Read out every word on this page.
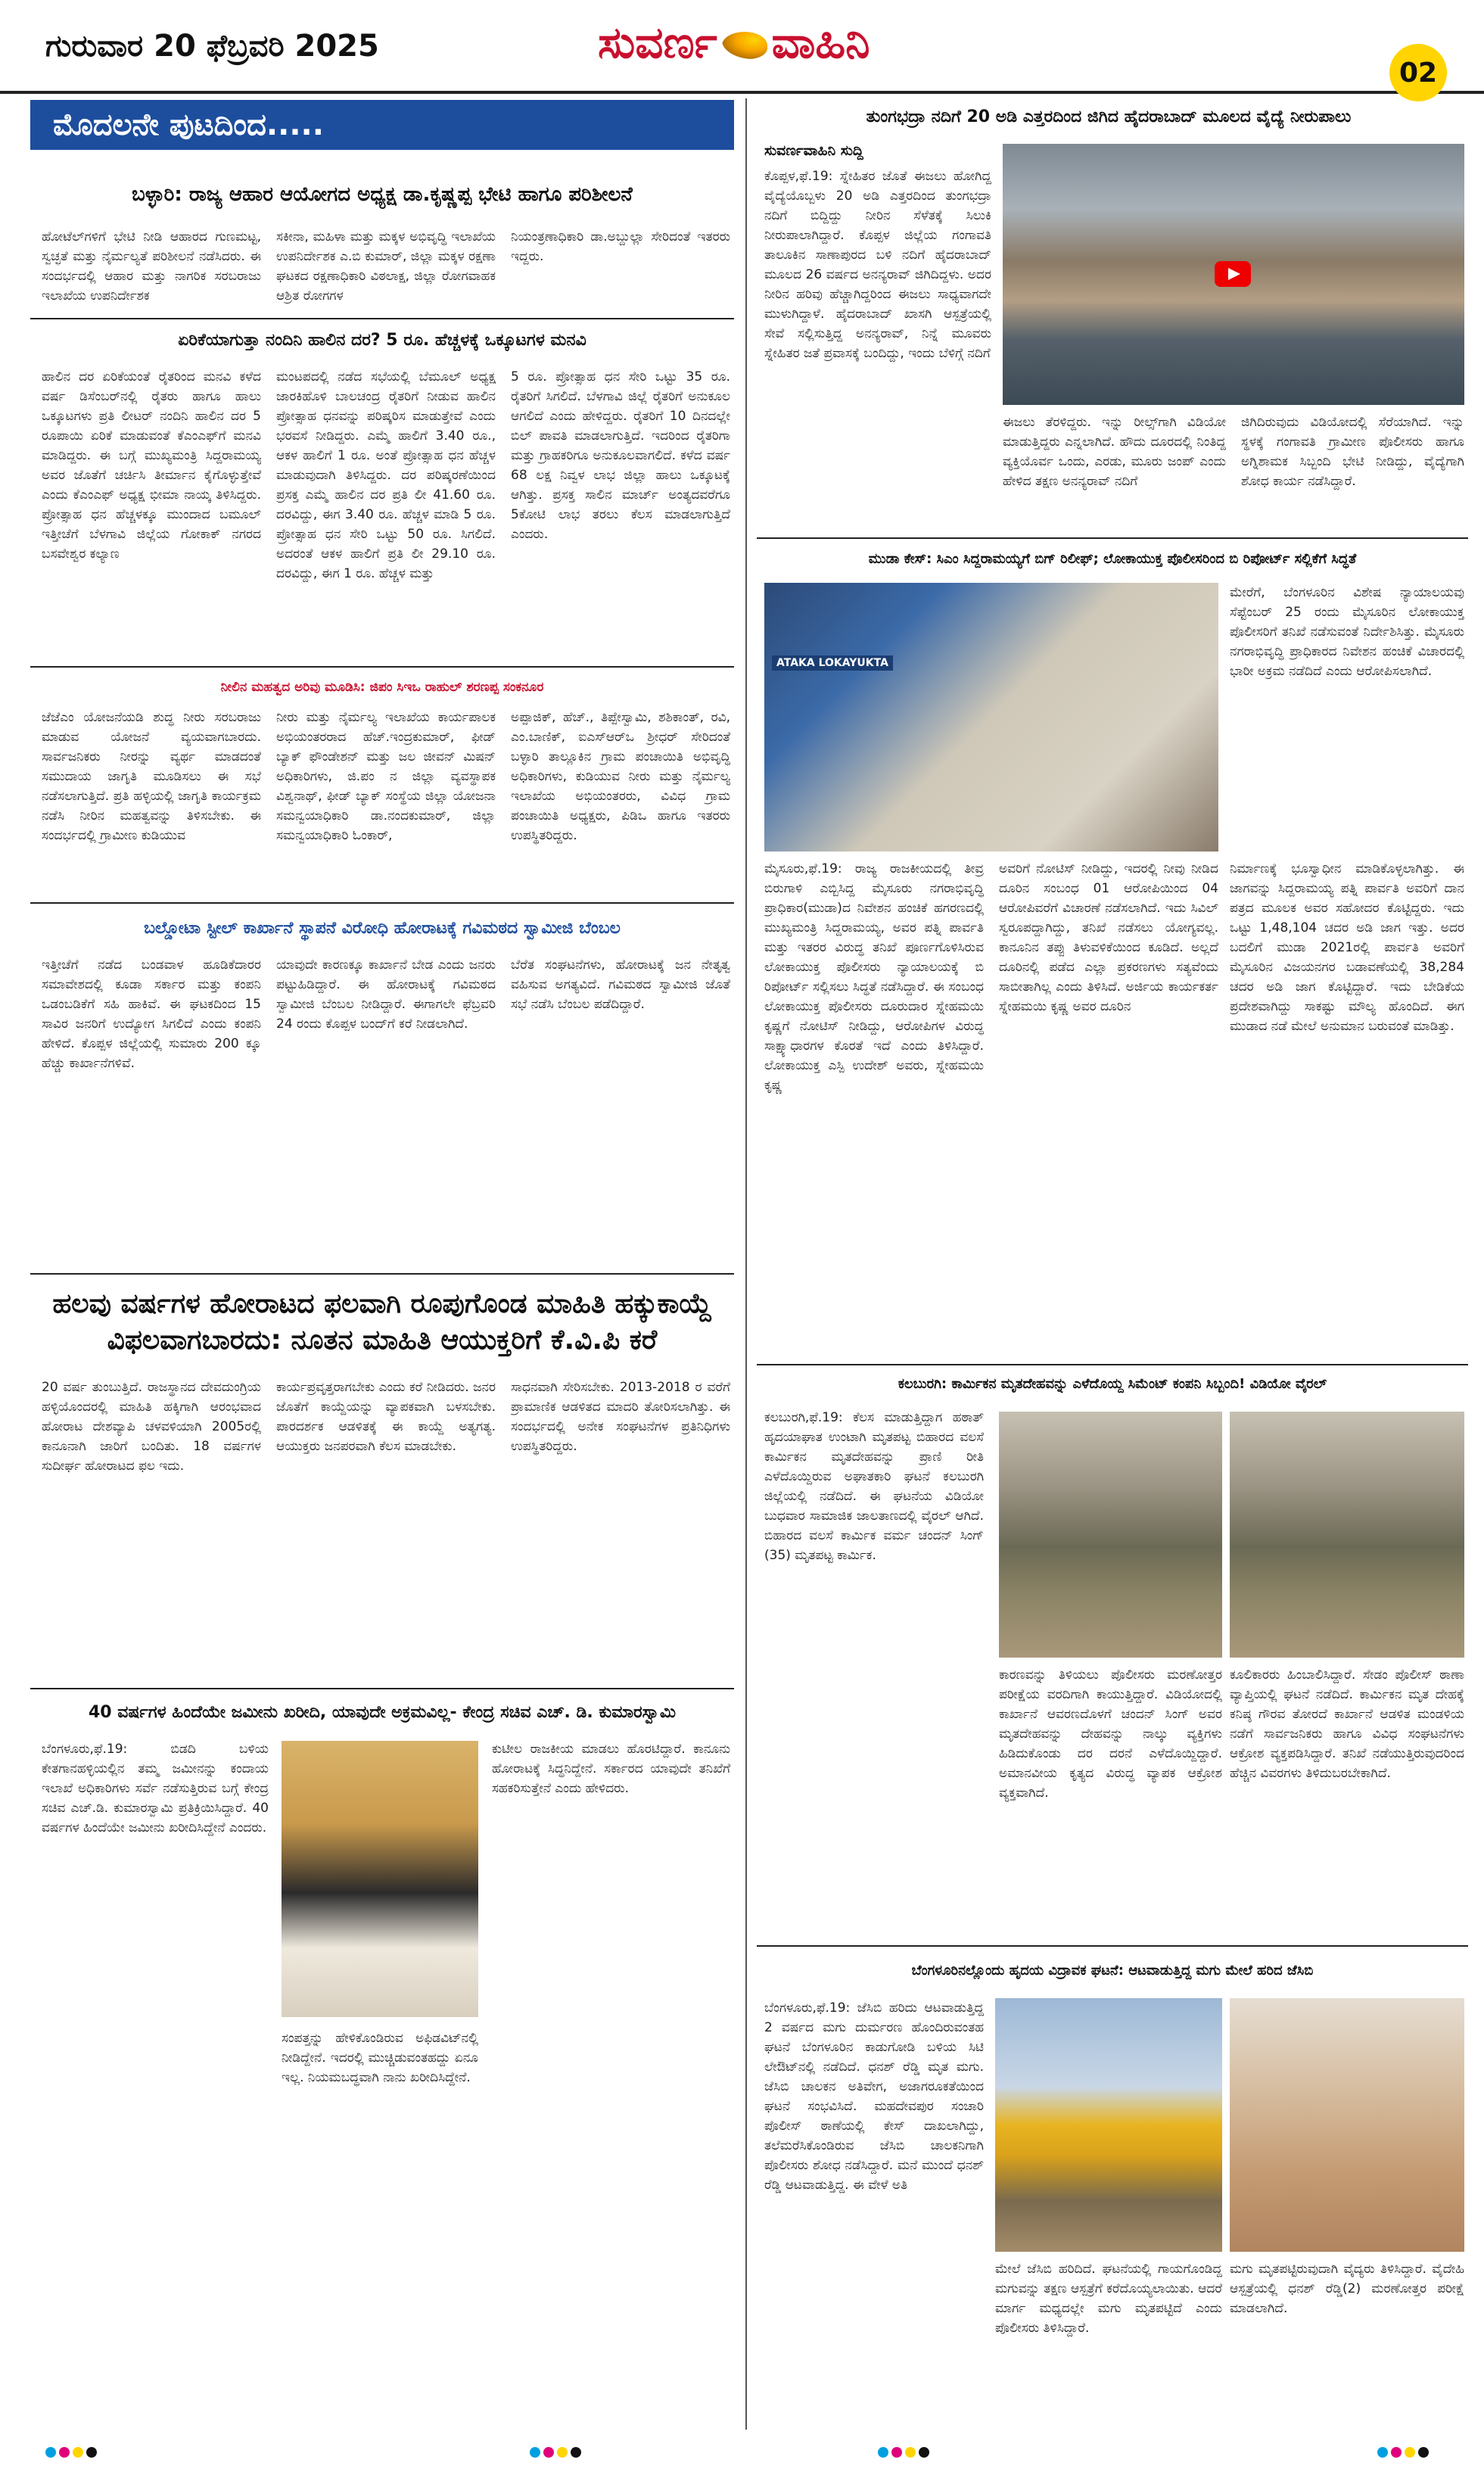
ಗುರುವಾರ 20 ಫೆಬ್ರವರಿ 2025	ಸುವರ್ಣ ವಾಹಿನಿ
02
ಮೊದಲನೇ ಪುಟದಿಂದ.....
ಬಳ್ಳಾರಿ: ರಾಜ್ಯ ಆಹಾರ ಆಯೋಗದ ಅಧ್ಯಕ್ಷ ಡಾ.ಕೃಷ್ಣಪ್ಪ ಭೇಟಿ ಹಾಗೂ ಪರಿಶೀಲನೆ
ಹೋಟೆಲ್‌ಗಳಿಗೆ ಭೇಟಿ ನೀಡಿ ಆಹಾರದ ಗುಣಮಟ್ಟ, ಸ್ವಚ್ಛತೆ ಮತ್ತು ನೈರ್ಮಲ್ಯತೆ ಪರಿಶೀಲನೆ ನಡೆಸಿದರು. ಈ ಸಂದರ್ಭದಲ್ಲಿ ಆಹಾರ ಮತ್ತು ನಾಗರಿಕ ಸರಬರಾಜು ಇಲಾಖೆಯ ಉಪನಿರ್ದೇಶಕ
ಸಕೀನಾ, ಮಹಿಳಾ ಮತ್ತು ಮಕ್ಕಳ ಅಭಿವೃದ್ಧಿ ಇಲಾಖೆಯ ಉಪನಿರ್ದೇಶಕ ಎ.ಬಿ ಕುಮಾರ್, ಜಿಲ್ಲಾ ಮಕ್ಕಳ ರಕ್ಷಣಾ ಘಟಕದ ರಕ್ಷಣಾಧಿಕಾರಿ ವಿಠಲಾಕ್ಷ, ಜಿಲ್ಲಾ ರೋಗವಾಹಕ ಆಶ್ರಿತ ರೋಗಗಳ
ನಿಯಂತ್ರಣಾಧಿಕಾರಿ ಡಾ.ಅಬ್ದುಲ್ಲಾ ಸೇರಿದಂತೆ ಇತರರು ಇದ್ದರು.
ಏರಿಕೆಯಾಗುತ್ತಾ ನಂದಿನಿ ಹಾಲಿನ ದರ? 5 ರೂ. ಹೆಚ್ಚಳಕ್ಕೆ ಒಕ್ಕೂಟಗಳ ಮನವಿ
ಹಾಲಿನ ದರ ಏರಿಕೆಯಂತೆ ರೈತರಿಂದ ಮನವಿ ಕಳೆದ ವರ್ಷ ಡಿಸೆಂಬರ್‌ನಲ್ಲಿ ರೈತರು ಹಾಗೂ ಹಾಲು ಒಕ್ಕೂಟಗಳು ಪ್ರತಿ ಲೀಟರ್ ನಂದಿನಿ ಹಾಲಿನ ದರ 5 ರೂಪಾಯಿ ಏರಿಕೆ ಮಾಡುವಂತೆ ಕೆಎಂಎಫ್‌ಗೆ ಮನವಿ ಮಾಡಿದ್ದರು. ಈ ಬಗ್ಗೆ ಮುಖ್ಯಮಂತ್ರಿ ಸಿದ್ದರಾಮಯ್ಯ ಅವರ ಜೊತೆಗೆ ಚರ್ಚಿಸಿ ತೀರ್ಮಾನ ಕೈಗೊಳ್ಳುತ್ತೇವೆ ಎಂದು ಕೆಎಂಎಫ್ ಅಧ್ಯಕ್ಷ ಭೀಮಾ ನಾಯ್ಕ ತಿಳಿಸಿದ್ದರು. ಪ್ರೋತ್ಸಾಹ ಧನ ಹೆಚ್ಚಳಕ್ಕೂ ಮುಂದಾದ ಬಮೂಲ್ ಇತ್ತೀಚೆಗೆ ಬೆಳಗಾವಿ ಜಿಲ್ಲೆಯ ಗೋಕಾಕ್ ನಗರದ ಬಸವೇಶ್ವರ ಕಲ್ಯಾಣ
ಮಂಟಪದಲ್ಲಿ ನಡೆದ ಸಭೆಯಲ್ಲಿ ಬೆಮೂಲ್ ಅಧ್ಯಕ್ಷ ಜಾರಕಿಹೊಳಿ ಬಾಲಚಂದ್ರ ರೈತರಿಗೆ ನೀಡುವ ಹಾಲಿನ ಪ್ರೋತ್ಸಾಹ ಧನವನ್ನು ಪರಿಷ್ಕರಿಸ ಮಾಡುತ್ತೇವೆ ಎಂದು ಭರವಸೆ ನೀಡಿದ್ದರು. ಎಮ್ಮೆ ಹಾಲಿಗೆ 3.40 ರೂ., ಆಕಳ ಹಾಲಿಗೆ 1 ರೂ. ಅಂತೆ ಪ್ರೋತ್ಸಾಹ ಧನ ಹೆಚ್ಚಳ ಮಾಡುವುದಾಗಿ ತಿಳಿಸಿದ್ದರು. ದರ ಪರಿಷ್ಕರಣೆಯಿಂದ ಪ್ರಸಕ್ತ ಎಮ್ಮೆ ಹಾಲಿನ ದರ ಪ್ರತಿ ಲೀ 41.60 ರೂ. ದರವಿದ್ದು, ಈಗ 3.40 ರೂ. ಹೆಚ್ಚಳ ಮಾಡಿ 5 ರೂ. ಪ್ರೋತ್ಸಾಹ ಧನ ಸೇರಿ ಒಟ್ಟು 50 ರೂ. ಸಿಗಲಿದೆ. ಅದರಂತೆ ಆಕಳ ಹಾಲಿಗೆ ಪ್ರತಿ ಲೀ 29.10 ರೂ. ದರವಿದ್ದು, ಈಗ 1 ರೂ. ಹೆಚ್ಚಳ ಮತ್ತು
5 ರೂ. ಪ್ರೋತ್ಸಾಹ ಧನ ಸೇರಿ ಒಟ್ಟು 35 ರೂ. ರೈತರಿಗೆ ಸಿಗಲಿದೆ. ಬೆಳಗಾವಿ ಜಿಲ್ಲೆ ರೈತರಿಗೆ ಅನುಕೂಲ ಆಗಲಿದೆ ಎಂದು ಹೇಳಿದ್ದರು. ರೈತರಿಗೆ 10 ದಿನದಲ್ಲೇ ಬಿಲ್ ಪಾವತಿ ಮಾಡಲಾಗುತ್ತಿದೆ. ಇದರಿಂದ ರೈತರಿಗಾ ಮತ್ತು ಗ್ರಾಹಕರಿಗೂ ಅನುಕೂಲವಾಗಲಿದೆ. ಕಳೆದ ವರ್ಷ 68 ಲಕ್ಷ ನಿವ್ವಳ ಲಾಭ ಜಿಲ್ಲಾ ಹಾಲು ಒಕ್ಕೂಟಕ್ಕೆ ಆಗಿತ್ತು. ಪ್ರಸಕ್ತ ಸಾಲಿನ ಮಾರ್ಚ್ ಅಂತ್ಯದವರೆಗೂ 5ಕೋಟಿ ಲಾಭ ತರಲು ಕೆಲಸ ಮಾಡಲಾಗುತ್ತಿದೆ ಎಂದರು.
ನೀಲಿನ ಮಹತ್ವದ ಅರಿವು ಮೂಡಿಸಿ: ಜಿಪಂ ಸಿಇಒ ರಾಹುಲ್ ಶರಣಪ್ಪ ಸಂಕನೂರ
ಜೆಜೆಎಂ ಯೋಜನೆಯಡಿ ಶುದ್ಧ ನೀರು ಸರಬರಾಜು ಮಾಡುವ ಯೋಜನೆ ವ್ಯಯವಾಗಬಾರದು. ಸಾರ್ವಜನಿಕರು ನೀರನ್ನು ವ್ಯರ್ಥ ಮಾಡದಂತೆ ಸಮುದಾಯ ಜಾಗೃತಿ ಮೂಡಿಸಲು ಈ ಸಭೆ ನಡೆಸಲಾಗುತ್ತಿದೆ. ಪ್ರತಿ ಹಳ್ಳಿಯಲ್ಲಿ ಜಾಗೃತಿ ಕಾರ್ಯಕ್ರಮ ನಡೆಸಿ ನೀರಿನ ಮಹತ್ವವನ್ನು ತಿಳಿಸಬೇಕು. ಈ ಸಂದರ್ಭದಲ್ಲಿ ಗ್ರಾಮೀಣ ಕುಡಿಯುವ
ನೀರು ಮತ್ತು ನೈರ್ಮಲ್ಯ ಇಲಾಖೆಯ ಕಾರ್ಯಪಾಲಕ ಅಭಿಯಂತರರಾದ ಹೆಚ್.ಇಂದ್ರಕುಮಾರ್, ಫೀಡ್ ಬ್ಯಾಕ್ ಫೌಂಡೇಶನ್ ಮತ್ತು ಜಲ ಜೀವನ್ ಮಿಷನ್ ಅಧಿಕಾರಿಗಳು, ಜಿ.ಪಂ ನ ಜಿಲ್ಲಾ ವ್ಯವಸ್ಥಾಪಕ ವಿಶ್ವನಾಥ್, ಫೀಡ್ ಬ್ಯಾಕ್ ಸಂಸ್ಥೆಯ ಜಿಲ್ಲಾ ಯೋಜನಾ ಸಮನ್ವಯಾಧಿಕಾರಿ ಡಾ.ನಂದಕುಮಾರ್, ಜಿಲ್ಲಾ ಸಮನ್ವಯಾಧಿಕಾರಿ ಓಂಕಾರ್,
ಅಪ್ಪಾಜಿಕ್, ಹೆಚ್., ತಿಪ್ಪೇಸ್ವಾಮಿ, ಶಶಿಕಾಂತ್, ರವಿ, ಎಂ.ಬಾಣಿಕ್, ಐಎಸ್‌ಆರ್‌ಒ ಶ್ರೀಧರ್ ಸೇರಿದಂತೆ ಬಳ್ಳಾರಿ ತಾಲ್ಲೂಕಿನ ಗ್ರಾಮ ಪಂಚಾಯಿತಿ ಅಭಿವೃದ್ಧಿ ಅಧಿಕಾರಿಗಳು, ಕುಡಿಯುವ ನೀರು ಮತ್ತು ನೈರ್ಮಲ್ಯ ಇಲಾಖೆಯ ಅಭಿಯಂತರರು, ವಿವಿಧ ಗ್ರಾಮ ಪಂಚಾಯಿತಿ ಅಧ್ಯಕ್ಷರು, ಪಿಡಿಒ ಹಾಗೂ ಇತರರು ಉಪಸ್ಥಿತರಿದ್ದರು.
ಬಲ್ಡೋಟಾ ಸ್ಟೀಲ್ ಕಾರ್ಖಾನೆ ಸ್ಥಾಪನೆ ವಿರೋಧಿ ಹೋರಾಟಕ್ಕೆ ಗವಿಮಠದ ಸ್ವಾಮೀಜಿ ಬೆಂಬಲ
ಇತ್ತೀಚೆಗೆ ನಡೆದ ಬಂಡವಾಳ ಹೂಡಿಕೆದಾರರ ಸಮಾವೇಶದಲ್ಲಿ ಕೂಡಾ ಸರ್ಕಾರ ಮತ್ತು ಕಂಪನಿ ಒಡಂಬಡಿಕೆಗೆ ಸಹಿ ಹಾಕಿವೆ. ಈ ಘಟಕದಿಂದ 15 ಸಾವಿರ ಜನರಿಗೆ ಉದ್ಯೋಗ ಸಿಗಲಿದೆ ಎಂದು ಕಂಪನಿ ಹೇಳಿದೆ. ಕೊಪ್ಪಳ ಜಿಲ್ಲೆಯಲ್ಲಿ ಸುಮಾರು 200 ಕ್ಕೂ ಹೆಚ್ಚು ಕಾರ್ಖಾನೆಗಳಿವೆ.
ಯಾವುದೇ ಕಾರಣಕ್ಕೂ ಕಾರ್ಖಾನೆ ಬೇಡ ಎಂದು ಜನರು ಪಟ್ಟುಹಿಡಿದ್ದಾರೆ. ಈ ಹೋರಾಟಕ್ಕೆ ಗವಿಮಠದ ಸ್ವಾಮೀಜಿ ಬೆಂಬಲ ನೀಡಿದ್ದಾರೆ. ಈಗಾಗಲೇ ಫೆಬ್ರವರಿ 24 ರಂದು ಕೊಪ್ಪಳ ಬಂದ್‌ಗೆ ಕರೆ ನೀಡಲಾಗಿದೆ.
ಬೆರೆತ ಸಂಘಟನೆಗಳು, ಹೋರಾಟಕ್ಕೆ ಜನ ನೇತೃತ್ವ ವಹಿಸುವ ಅಗತ್ಯವಿದೆ. ಗವಿಮಠದ ಸ್ವಾಮೀಜಿ ಜೊತೆ ಸಭೆ ನಡೆಸಿ ಬೆಂಬಲ ಪಡೆದಿದ್ದಾರೆ.
ಹಲವು ವರ್ಷಗಳ ಹೋರಾಟದ ಫಲವಾಗಿ ರೂಪುಗೊಂಡ ಮಾಹಿತಿ ಹಕ್ಕುಕಾಯ್ದೆ
ವಿಫಲವಾಗಬಾರದು: ನೂತನ ಮಾಹಿತಿ ಆಯುಕ್ತರಿಗೆ ಕೆ.ವಿ.ಪಿ ಕರೆ
20 ವರ್ಷ ತುಂಬುತ್ತಿದೆ. ರಾಜಸ್ಥಾನದ ದೇವದುಂಗ್ರಿಯ ಹಳ್ಳಿಯೊಂದರಲ್ಲಿ ಮಾಹಿತಿ ಹಕ್ಕಿಗಾಗಿ ಆರಂಭವಾದ ಹೋರಾಟ ದೇಶವ್ಯಾಪಿ ಚಳವಳಿಯಾಗಿ 2005ರಲ್ಲಿ ಕಾನೂನಾಗಿ ಜಾರಿಗೆ ಬಂದಿತು. 18 ವರ್ಷಗಳ ಸುದೀರ್ಘ ಹೋರಾಟದ ಫಲ ಇದು.
ಕಾರ್ಯಪ್ರವೃತ್ತರಾಗಬೇಕು ಎಂದು ಕರೆ ನೀಡಿದರು. ಜನರ ಜೊತೆಗೆ ಕಾಯ್ದೆಯನ್ನು ವ್ಯಾಪಕವಾಗಿ ಬಳಸಬೇಕು. ಪಾರದರ್ಶಕ ಆಡಳಿತಕ್ಕೆ ಈ ಕಾಯ್ದೆ ಅತ್ಯಗತ್ಯ. ಆಯುಕ್ತರು ಜನಪರವಾಗಿ ಕೆಲಸ ಮಾಡಬೇಕು.
ಸಾಧನವಾಗಿ ಸೇರಿಸಬೇಕು. 2013-2018 ರ ವರೆಗೆ ಪ್ರಾಮಾಣಿಕ ಆಡಳಿತದ ಮಾದರಿ ತೋರಿಸಲಾಗಿತ್ತು. ಈ ಸಂದರ್ಭದಲ್ಲಿ ಅನೇಕ ಸಂಘಟನೆಗಳ ಪ್ರತಿನಿಧಿಗಳು ಉಪಸ್ಥಿತರಿದ್ದರು.
40 ವರ್ಷಗಳ ಹಿಂದೆಯೇ ಜಮೀನು ಖರೀದಿ, ಯಾವುದೇ ಅಕ್ರಮವಿಲ್ಲ- ಕೇಂದ್ರ ಸಚಿವ ಎಚ್. ಡಿ. ಕುಮಾರಸ್ವಾಮಿ
ಬೆಂಗಳೂರು,ಫೆ.19: ಬಿಡದಿ ಬಳಿಯ ಕೇತಗಾನಹಳ್ಳಿಯಲ್ಲಿನ ತಮ್ಮ ಜಮೀನನ್ನು ಕಂದಾಯ ಇಲಾಖೆ ಅಧಿಕಾರಿಗಳು ಸರ್ವೆ ನಡೆಸುತ್ತಿರುವ ಬಗ್ಗೆ ಕೇಂದ್ರ ಸಚಿವ ಎಚ್.ಡಿ. ಕುಮಾರಸ್ವಾಮಿ ಪ್ರತಿಕ್ರಿಯಿಸಿದ್ದಾರೆ. 40 ವರ್ಷಗಳ ಹಿಂದೆಯೇ ಜಮೀನು ಖರೀದಿಸಿದ್ದೇನೆ ಎಂದರು.
ಸಂಪತ್ತನ್ನು ಹೇಳಿಕೊಂಡಿರುವ ಅಫಿಡವಿಟ್‌ನಲ್ಲಿ ನೀಡಿದ್ದೇನೆ. ಇದರಲ್ಲಿ ಮುಚ್ಚಿಡುವಂತಹದ್ದು ಏನೂ ಇಲ್ಲ. ನಿಯಮಬದ್ಧವಾಗಿ ನಾನು ಖರೀದಿಸಿದ್ದೇನೆ.
ಕುಟೀಲ ರಾಜಕೀಯ ಮಾಡಲು ಹೊರಟಿದ್ದಾರೆ. ಕಾನೂನು ಹೋರಾಟಕ್ಕೆ ಸಿದ್ಧನಿದ್ದೇನೆ. ಸರ್ಕಾರದ ಯಾವುದೇ ತನಿಖೆಗೆ ಸಹಕರಿಸುತ್ತೇನೆ ಎಂದು ಹೇಳಿದರು.
ತುಂಗಭದ್ರಾ ನದಿಗೆ 20 ಅಡಿ ಎತ್ತರದಿಂದ ಜಿಗಿದ ಹೈದರಾಬಾದ್ ಮೂಲದ ವೈದ್ಯೆ ನೀರುಪಾಲು
ಸುವರ್ಣವಾಹಿನಿ ಸುದ್ದಿ
ಕೊಪ್ಪಳ,ಫೆ.19: ಸ್ನೇಹಿತರ ಜೊತೆ ಈಜಲು ಹೋಗಿದ್ದ ವೈದ್ಯೆಯೊಬ್ಬಳು 20 ಅಡಿ ಎತ್ತರದಿಂದ ತುಂಗಭದ್ರಾ ನದಿಗೆ ಬಿದ್ದಿದ್ದು ನೀರಿನ ಸೆಳೆತಕ್ಕೆ ಸಿಲುಕಿ ನೀರುಪಾಲಾಗಿದ್ದಾರೆ. ಕೊಪ್ಪಳ ಜಿಲ್ಲೆಯ ಗಂಗಾವತಿ ತಾಲೂಕಿನ ಸಾಣಾಪುರದ ಬಳಿ ನದಿಗೆ ಹೈದರಾಬಾದ್ ಮೂಲದ 26 ವರ್ಷದ ಅನನ್ಯರಾವ್ ಜಿಗಿದಿದ್ದಳು. ಅದರ ನೀರಿನ ಹರಿವು ಹೆಚ್ಚಾಗಿದ್ದರಿಂದ ಈಜಲು ಸಾಧ್ಯವಾಗದೇ ಮುಳುಗಿದ್ದಾಳೆ. ಹೈದರಾಬಾದ್ ಖಾಸಗಿ ಆಸ್ಪತ್ರೆಯಲ್ಲಿ ಸೇವೆ ಸಲ್ಲಿಸುತ್ತಿದ್ದ ಅನನ್ಯರಾವ್, ನಿನ್ನೆ ಮೂವರು ಸ್ನೇಹಿತರ ಜತೆ ಪ್ರವಾಸಕ್ಕೆ ಬಂದಿದ್ದು, ಇಂದು ಬೆಳಿಗ್ಗೆ ನದಿಗೆ
ಈಜಲು ತೆರಳಿದ್ದರು. ಇನ್ನು ರೀಲ್ಸ್‌ಗಾಗಿ ವಿಡಿಯೋ ಮಾಡುತ್ತಿದ್ದರು ಎನ್ನಲಾಗಿದೆ. ಹೌದು ದೂರದಲ್ಲಿ ನಿಂತಿದ್ದ ವ್ಯಕ್ತಿಯೊರ್ವ ಒಂದು, ಎರಡು, ಮೂರು ಜಂಪ್ ಎಂದು ಹೇಳಿದ ತಕ್ಷಣ ಅನನ್ಯರಾವ್ ನದಿಗೆ
ಜಿಗಿದಿರುವುದು ವಿಡಿಯೋದಲ್ಲಿ ಸೆರೆಯಾಗಿದೆ. ಇನ್ನು ಸ್ಥಳಕ್ಕೆ ಗಂಗಾವತಿ ಗ್ರಾಮೀಣ ಪೊಲೀಸರು ಹಾಗೂ ಅಗ್ನಿಶಾಮಕ ಸಿಬ್ಬಂದಿ ಭೇಟಿ ನೀಡಿದ್ದು, ವೈದ್ಯೆಗಾಗಿ ಶೋಧ ಕಾರ್ಯ ನಡೆಸಿದ್ದಾರೆ.
ಮುಡಾ ಕೇಸ್: ಸಿಎಂ ಸಿದ್ದರಾಮಯ್ಯಗೆ ಬಿಗ್ ರಿಲೀಫ್; ಲೋಕಾಯುಕ್ತ ಪೊಲೀಸರಿಂದ ಬಿ ರಿಪೋರ್ಟ್ ಸಲ್ಲಿಕೆಗೆ ಸಿದ್ಧತೆ
ATAKA LOKAYUKTA
ಮೇರೆಗೆ, ಬೆಂಗಳೂರಿನ ವಿಶೇಷ ನ್ಯಾಯಾಲಯವು ಸೆಪ್ಟೆಂಬರ್ 25 ರಂದು ಮೈಸೂರಿನ ಲೋಕಾಯುಕ್ತ ಪೊಲೀಸರಿಗೆ ತನಿಖೆ ನಡೆಸುವಂತೆ ನಿರ್ದೇಶಿಸಿತ್ತು. ಮೈಸೂರು ನಗರಾಭಿವೃದ್ಧಿ ಪ್ರಾಧಿಕಾರದ ನಿವೇಶನ ಹಂಚಿಕೆ ವಿಚಾರದಲ್ಲಿ ಭಾರೀ ಅಕ್ರಮ ನಡೆದಿದೆ ಎಂದು ಆರೋಪಿಸಲಾಗಿದೆ.
ಮೈಸೂರು,ಫೆ.19: ರಾಜ್ಯ ರಾಜಕೀಯದಲ್ಲಿ ತೀವ್ರ ಬಿರುಗಾಳಿ ಎಬ್ಬಿಸಿದ್ದ ಮೈಸೂರು ನಗರಾಭಿವೃದ್ಧಿ ಪ್ರಾಧಿಕಾರ(ಮುಡಾ)ದ ನಿವೇಶನ ಹಂಚಿಕೆ ಹಗರಣದಲ್ಲಿ ಮುಖ್ಯಮಂತ್ರಿ ಸಿದ್ದರಾಮಯ್ಯ, ಅವರ ಪತ್ನಿ ಪಾರ್ವತಿ ಮತ್ತು ಇತರರ ವಿರುದ್ಧ ತನಿಖೆ ಪೂರ್ಣಗೊಳಿಸಿರುವ ಲೋಕಾಯುಕ್ತ ಪೊಲೀಸರು ನ್ಯಾಯಾಲಯಕ್ಕೆ ಬಿ ರಿಪೋರ್ಟ್ ಸಲ್ಲಿಸಲು ಸಿದ್ಧತೆ ನಡೆಸಿದ್ದಾರೆ. ಈ ಸಂಬಂಧ ಲೋಕಾಯುಕ್ತ ಪೊಲೀಸರು ದೂರುದಾರ ಸ್ನೇಹಮಯಿ ಕೃಷ್ಣಗೆ ನೋಟಿಸ್ ನೀಡಿದ್ದು, ಆರೋಪಿಗಳ ವಿರುದ್ಧ ಸಾಕ್ಷ್ಯಾಧಾರಗಳ ಕೊರತೆ ಇದೆ ಎಂದು ತಿಳಿಸಿದ್ದಾರೆ. ಲೋಕಾಯುಕ್ತ ಎಸ್ಪಿ ಉದೇಶ್ ಅವರು, ಸ್ನೇಹಮಯಿ ಕೃಷ್ಣ
ಅವರಿಗೆ ನೋಟಿಸ್ ನೀಡಿದ್ದು, ಇದರಲ್ಲಿ ನೀವು ನೀಡಿದ ದೂರಿನ ಸಂಬಂಧ 01 ಆರೋಪಿಯಿಂದ 04 ಆರೋಪಿವರೆಗೆ ವಿಚಾರಣೆ ನಡೆಸಲಾಗಿದೆ. ಇದು ಸಿವಿಲ್ ಸ್ವರೂಪದ್ದಾಗಿದ್ದು, ತನಿಖೆ ನಡೆಸಲು ಯೋಗ್ಯವಲ್ಲ. ಕಾನೂನಿನ ತಪ್ಪು ತಿಳುವಳಿಕೆಯಿಂದ ಕೂಡಿದೆ. ಅಲ್ಲದೆ ದೂರಿನಲ್ಲಿ ಪಡೆದ ಎಲ್ಲಾ ಪ್ರಕರಣಗಳು ಸತ್ಯವೆಂದು ಸಾಬೀತಾಗಿಲ್ಲ ಎಂದು ತಿಳಿಸಿದೆ. ಅರ್ಜಿಯ ಕಾರ್ಯಕರ್ತ ಸ್ನೇಹಮಯಿ ಕೃಷ್ಣ ಅವರ ದೂರಿನ
ನಿರ್ಮಾಣಕ್ಕೆ ಭೂಸ್ವಾಧೀನ ಮಾಡಿಕೊಳ್ಳಲಾಗಿತ್ತು. ಈ ಜಾಗವನ್ನು ಸಿದ್ದರಾಮಯ್ಯ ಪತ್ನಿ ಪಾರ್ವತಿ ಅವರಿಗೆ ದಾನ ಪತ್ರದ ಮೂಲಕ ಅವರ ಸಹೋದರ ಕೊಟ್ಟಿದ್ದರು. ಇದು ಒಟ್ಟು 1,48,104 ಚದರ ಅಡಿ ಜಾಗ ಇತ್ತು. ಅದರ ಬದಲಿಗೆ ಮುಡಾ 2021ರಲ್ಲಿ ಪಾರ್ವತಿ ಅವರಿಗೆ ಮೈಸೂರಿನ ವಿಜಯನಗರ ಬಡಾವಣೆಯಲ್ಲಿ 38,284 ಚದರ ಅಡಿ ಜಾಗ ಕೊಟ್ಟಿದ್ದಾರೆ. ಇದು ಬೇಡಿಕೆಯ ಪ್ರದೇಶವಾಗಿದ್ದು ಸಾಕಷ್ಟು ಮೌಲ್ಯ ಹೊಂದಿದೆ. ಈಗ ಮುಡಾದ ನಡೆ ಮೇಲೆ ಅನುಮಾನ ಬರುವಂತೆ ಮಾಡಿತ್ತು.
ಕಲಬುರಗಿ: ಕಾರ್ಮಿಕನ ಮೃತದೇಹವನ್ನು ಎಳೆದೊಯ್ದ ಸಿಮೆಂಟ್ ಕಂಪನಿ ಸಿಬ್ಬಂದಿ! ವಿಡಿಯೋ ವೈರಲ್
ಕಲಬುರಗಿ,ಫೆ.19: ಕೆಲಸ ಮಾಡುತ್ತಿದ್ದಾಗ ಹಠಾತ್ ಹೃದಯಾಘಾತ ಉಂಟಾಗಿ ಮೃತಪಟ್ಟ ಬಿಹಾರದ ವಲಸೆ ಕಾರ್ಮಿಕನ ಮೃತದೇಹವನ್ನು ಪ್ರಾಣಿ ರೀತಿ ಎಳೆದೊಯ್ದಿರುವ ಅಘಾತಕಾರಿ ಘಟನೆ ಕಲಬುರಗಿ ಜಿಲ್ಲೆಯಲ್ಲಿ ನಡೆದಿದೆ. ಈ ಘಟನೆಯ ವಿಡಿಯೋ ಬುಧವಾರ ಸಾಮಾಜಿಕ ಜಾಲತಾಣದಲ್ಲಿ ವೈರಲ್ ಆಗಿದೆ. ಬಿಹಾರದ ವಲಸೆ ಕಾರ್ಮಿಕ ವರ್ಮ ಚಂದನ್ ಸಿಂಗ್ (35) ಮೃತಪಟ್ಟ ಕಾರ್ಮಿಕ.
ಕಾರಣವನ್ನು ತಿಳಿಯಲು ಪೊಲೀಸರು ಮರಣೋತ್ತರ ಪರೀಕ್ಷೆಯ ವರದಿಗಾಗಿ ಕಾಯುತ್ತಿದ್ದಾರೆ. ವಿಡಿಯೋದಲ್ಲಿ ಕಾರ್ಖಾನೆ ಆವರಣದೊಳಗೆ ಚಂದನ್ ಸಿಂಗ್ ಅವರ ಮೃತದೇಹವನ್ನು ದೇಹವನ್ನು ನಾಲ್ಕು ವ್ಯಕ್ತಿಗಳು ಹಿಡಿದುಕೊಂಡು ದರ ದರನೆ ಎಳೆದೊಯ್ದಿದ್ದಾರೆ. ಅಮಾನವೀಯ ಕೃತ್ಯದ ವಿರುದ್ಧ ವ್ಯಾಪಕ ಆಕ್ರೋಶ ವ್ಯಕ್ತವಾಗಿದೆ.
ಕೂಲಿಕಾರರು ಹಿಂಬಾಲಿಸಿದ್ದಾರೆ. ಸೇಡಂ ಪೊಲೀಸ್ ಠಾಣಾ ವ್ಯಾಪ್ತಿಯಲ್ಲಿ ಘಟನೆ ನಡೆದಿದೆ. ಕಾರ್ಮಿಕನ ಮೃತ ದೇಹಕ್ಕೆ ಕನಿಷ್ಠ ಗೌರವ ತೋರದೆ ಕಾರ್ಖಾನೆ ಆಡಳಿತ ಮಂಡಳಿಯ ನಡೆಗೆ ಸಾರ್ವಜನಿಕರು ಹಾಗೂ ವಿವಿಧ ಸಂಘಟನೆಗಳು ಆಕ್ರೋಶ ವ್ಯಕ್ತಪಡಿಸಿದ್ದಾರೆ. ತನಿಖೆ ನಡೆಯುತ್ತಿರುವುದರಿಂದ ಹೆಚ್ಚಿನ ವಿವರಗಳು ತಿಳಿದುಬರಬೇಕಾಗಿದೆ.
ಬೆಂಗಳೂರಿನಲ್ಲೊಂದು ಹೃದಯ ವಿದ್ರಾವಕ ಘಟನೆ: ಆಟವಾಡುತ್ತಿದ್ದ ಮಗು ಮೇಲೆ ಹರಿದ ಜೆಸಿಬಿ
ಬೆಂಗಳೂರು,ಫೆ.19: ಜೆಸಿಬಿ ಹರಿದು ಆಟವಾಡುತ್ತಿದ್ದ 2 ವರ್ಷದ ಮಗು ದುರ್ಮರಣ ಹೊಂದಿರುವಂತಹ ಘಟನೆ ಬೆಂಗಳೂರಿನ ಕಾಡುಗೋಡಿ ಬಳಿಯ ಸಿಟಿ ಲೇಔಟ್‌ನಲ್ಲಿ ನಡೆದಿದೆ. ಧನಶ್ ರೆಡ್ಡಿ ಮೃತ ಮಗು. ಜೆಸಿಬಿ ಚಾಲಕನ ಅತಿವೇಗ, ಅಜಾಗರೂಕತೆಯಿಂದ ಘಟನೆ ಸಂಭವಿಸಿದೆ. ಮಹದೇವಪುರ ಸಂಚಾರಿ ಪೊಲೀಸ್ ಠಾಣೆಯಲ್ಲಿ ಕೇಸ್ ದಾಖಲಾಗಿದ್ದು, ತಲೆಮರೆಸಿಕೊಂಡಿರುವ ಜೆಸಿಬಿ ಚಾಲಕನಿಗಾಗಿ ಪೊಲೀಸರು ಶೋಧ ನಡೆಸಿದ್ದಾರೆ. ಮನೆ ಮುಂದೆ ಧನಶ್ ರೆಡ್ಡಿ ಆಟವಾಡುತ್ತಿದ್ದ. ಈ ವೇಳೆ ಅತಿ
ಮೇಲೆ ಜೆಸಿಬಿ ಹರಿದಿದೆ. ಘಟನೆಯಲ್ಲಿ ಗಾಯಗೊಂಡಿದ್ದ ಮಗುವನ್ನು ತಕ್ಷಣ ಆಸ್ಪತ್ರೆಗೆ ಕರೆದೊಯ್ಯಲಾಯಿತು. ಆದರೆ ಮಾರ್ಗ ಮಧ್ಯದಲ್ಲೇ ಮಗು ಮೃತಪಟ್ಟಿದೆ ಎಂದು ಪೊಲೀಸರು ತಿಳಿಸಿದ್ದಾರೆ.
ಮಗು ಮೃತಪಟ್ಟಿರುವುದಾಗಿ ವೈದ್ಯರು ತಿಳಿಸಿದ್ದಾರೆ. ವೈದೇಹಿ ಆಸ್ಪತ್ರೆಯಲ್ಲಿ ಧನಶ್ ರೆಡ್ಡಿ(2) ಮರಣೋತ್ತರ ಪರೀಕ್ಷೆ ಮಾಡಲಾಗಿದೆ.
